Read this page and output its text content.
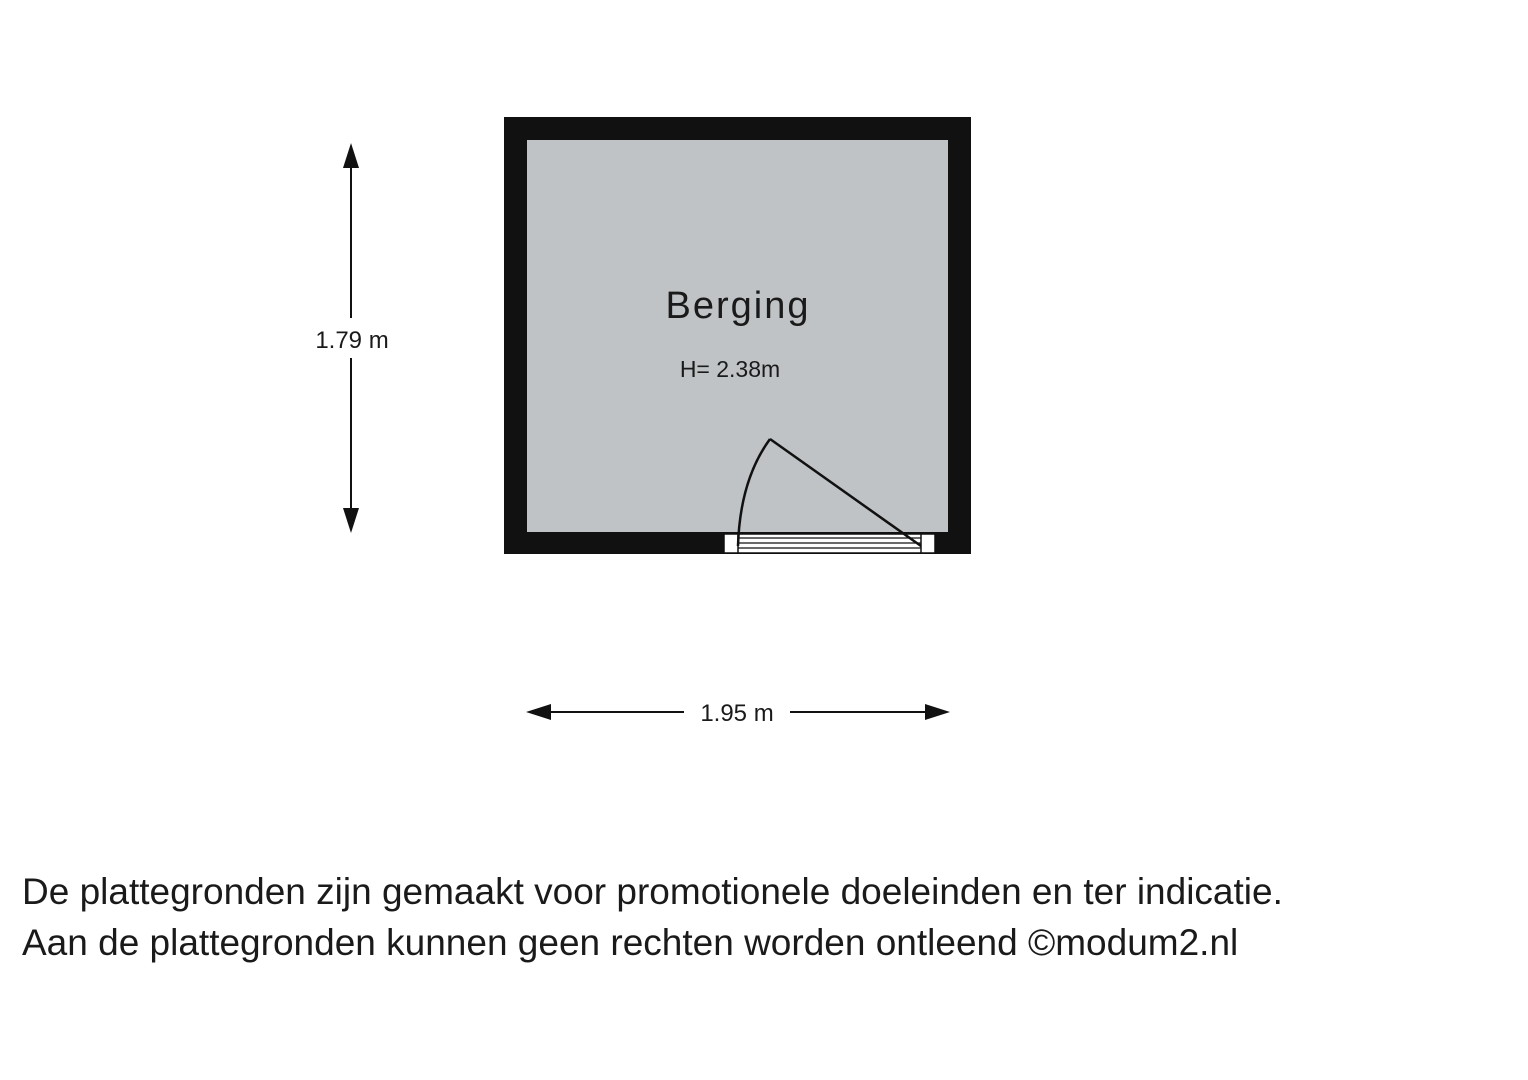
Berging
H= 2.38m
1.79 m
1.95 m
De plattegronden zijn gemaakt voor promotionele doeleinden en ter indicatie.
Aan de plattegronden kunnen geen rechten worden ontleend ©modum2.nl
